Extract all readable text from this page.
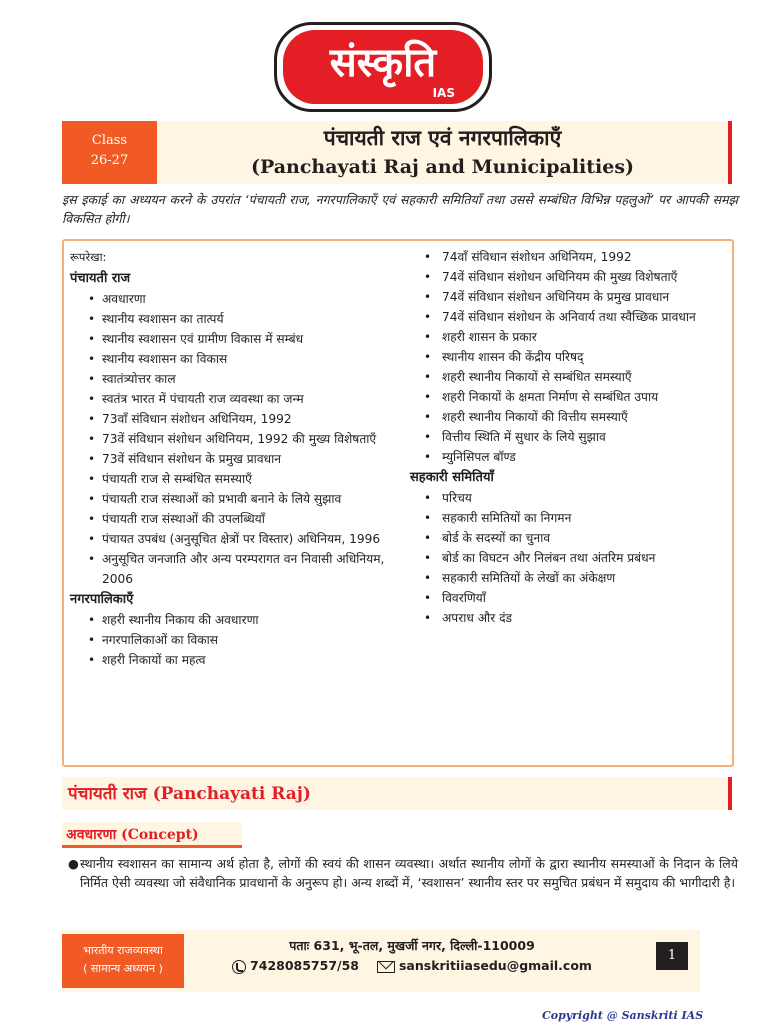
संस्कृति
IAS
Class
26-27
पंचायती राज एवं नगरपालिकाएँ
(Panchayati Raj and Municipalities)
इस इकाई का अध्ययन करने के उपरांत ‘पंचायती राज, नगरपालिकाएँ एवं सहकारी समितियाँ तथा उससे सम्बंधित विभिन्न पहलुओं’ पर आपकी समझ विकसित होगी।
रूपरेखा:
पंचायती राज
• अवधारणा
• स्थानीय स्वशासन का तात्पर्य
• स्थानीय स्वशासन एवं ग्रामीण विकास में सम्बंध
• स्थानीय स्वशासन का विकास
• स्वातंत्र्योत्तर काल
• स्वतंत्र भारत में पंचायती राज व्यवस्था का जन्म
• 73वाँ संविधान संशोधन अधिनियम, 1992
• 73वें संविधान संशोधन अधिनियम, 1992 की मुख्य विशेषताएँ
• 73वें संविधान संशोधन के प्रमुख प्रावधान
• पंचायती राज से सम्बंधित समस्याएँ
• पंचायती राज संस्थाओं को प्रभावी बनाने के लिये सुझाव
• पंचायती राज संस्थाओं की उपलब्धियाँ
• पंचायत उपबंध (अनुसूचित क्षेत्रों पर विस्तार) अधिनियम, 1996
• अनुसूचित जनजाति और अन्य परम्परागत वन निवासी अधिनियम, 2006
नगरपालिकाएँ
• शहरी स्थानीय निकाय की अवधारणा
• नगरपालिकाओं का विकास
• शहरी निकायों का महत्व
• 74वाँ संविधान संशोधन अधिनियम, 1992
• 74वें संविधान संशोधन अधिनियम की मुख्य विशेषताएँ
• 74वें संविधान संशोधन अधिनियम के प्रमुख प्रावधान
• 74वें संविधान संशोधन के अनिवार्य तथा स्वैच्छिक प्रावधान
• शहरी शासन के प्रकार
• स्थानीय शासन की केंद्रीय परिषद्
• शहरी स्थानीय निकायों से सम्बंधित समस्याएँ
• शहरी निकायों के क्षमता निर्माण से सम्बंधित उपाय
• शहरी स्थानीय निकायों की वित्तीय समस्याएँ
• वित्तीय स्थिति में सुधार के लिये सुझाव
• म्युनिसिपल बॉण्ड
सहकारी समितियाँ
• परिचय
• सहकारी समितियों का निगमन
• बोर्ड के सदस्यों का चुनाव
• बोर्ड का विघटन और निलंबन तथा अंतरिम प्रबंधन
• सहकारी समितियों के लेखों का अंकेक्षण
• विवरणियाँ
• अपराध और दंड
पंचायती राज (Panchayati Raj)
अवधारणा (Concept)
● स्थानीय स्वशासन का सामान्य अर्थ होता है, लोगों की स्वयं की शासन व्यवस्था। अर्थात स्थानीय लोगों के द्वारा स्थानीय समस्याओं के निदान के लिये निर्मित ऐसी व्यवस्था जो संवैधानिक प्रावधानों के अनुरूप हो। अन्य शब्दों में, ‘स्वशासन’ स्थानीय स्तर पर समुचित प्रबंधन में समुदाय की भागीदारी है।
भारतीय राजव्यवस्था
( सामान्य अध्ययन )
पताः 631, भू-तल, मुखर्जी नगर, दिल्ली-110009
7428085757/58	sanskritiiasedu@gmail.com
1
Copyright @ Sanskriti IAS
